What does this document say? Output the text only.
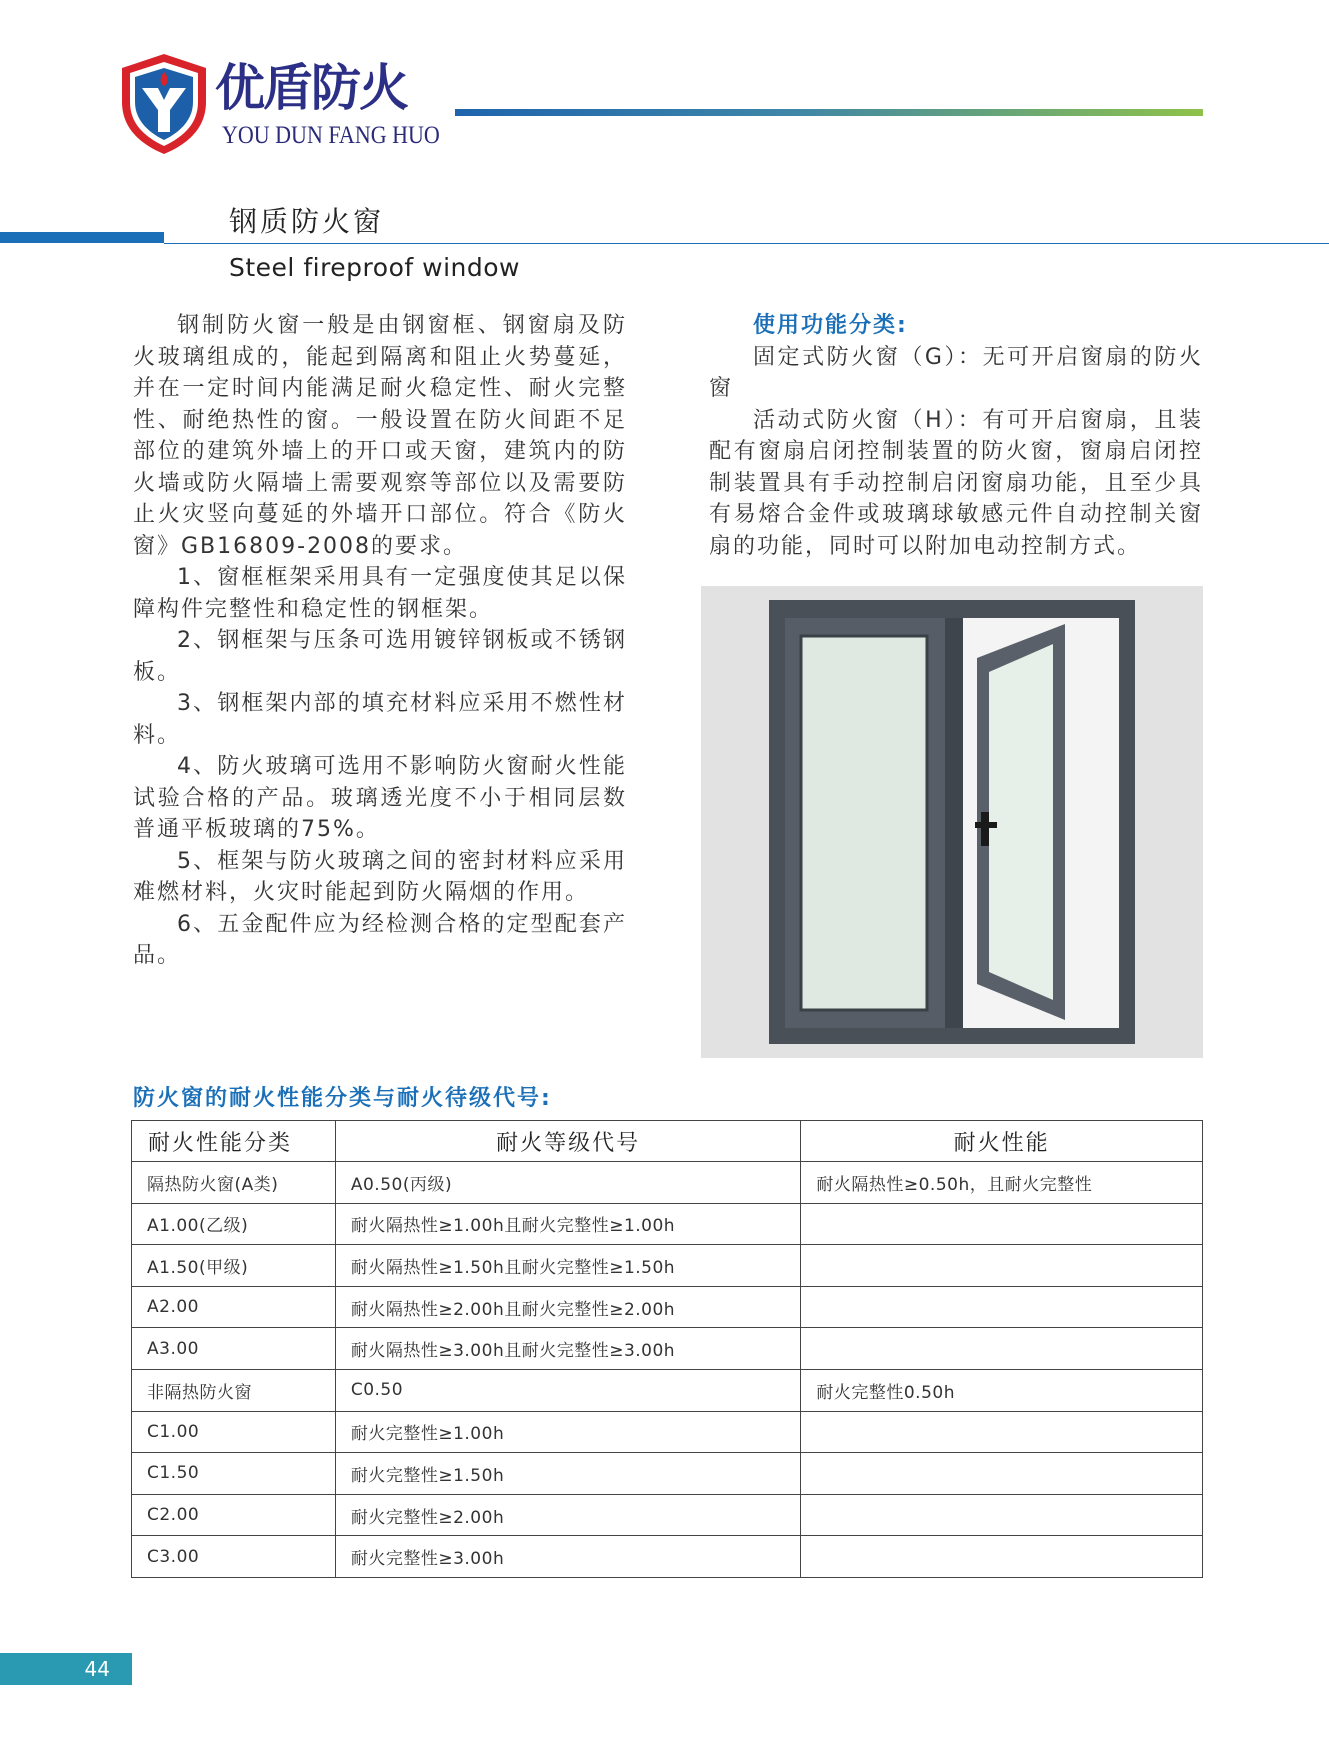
优盾防火
YOU DUN FANG HUO
钢质防火窗
Steel fireproof window

钢制防火窗一般是由钢窗框、钢窗扇及防火玻璃组成的，能起到隔离和阻止火势蔓延，并在一定时间内能满足耐火稳定性、耐火完整性、耐绝热性的窗。一般设置在防火间距不足部位的建筑外墙上的开口或天窗，建筑内的防火墙或防火隔墙上需要观察等部位以及需要防止火灾竖向蔓延的外墙开口部位。符合《防火窗》GB16809-2008的要求。

1、窗框框架采用具有一定强度使其足以保障构件完整性和稳定性的钢框架。

2、钢框架与压条可选用镀锌钢板或不锈钢板。

3、钢框架内部的填充材料应采用不燃性材料。

4、防火玻璃可选用不影响防火窗耐火性能试验合格的产品。玻璃透光度不小于相同层数普通平板玻璃的75%。

5、框架与防火玻璃之间的密封材料应采用难燃材料，火灾时能起到防火隔烟的作用。

6、五金配件应为经检测合格的定型配套产品。

使用功能分类:

固定式防火窗（G）：无可开启窗扇的防火窗

活动式防火窗（H）：有可开启窗扇，且装配有窗扇启闭控制装置的防火窗，窗扇启闭控制装置具有手动控制启闭窗扇功能，且至少具有易熔合金件或玻璃球敏感元件自动控制关窗扇的功能，同时可以附加电动控制方式。

防火窗的耐火性能分类与耐火待级代号:
耐火性能分类	耐火等级代号	耐火性能
隔热防火窗(A类)	A0.50(丙级)	耐火隔热性≥0.50h，且耐火完整性
A1.00(乙级)	耐火隔热性≥1.00h且耐火完整性≥1.00h	
A1.50(甲级)	耐火隔热性≥1.50h且耐火完整性≥1.50h	
A2.00	耐火隔热性≥2.00h且耐火完整性≥2.00h	
A3.00	耐火隔热性≥3.00h且耐火完整性≥3.00h	
非隔热防火窗	C0.50	耐火完整性0.50h
C1.00	耐火完整性≥1.00h	
C1.50	耐火完整性≥1.50h	
C2.00	耐火完整性≥2.00h	
C3.00	耐火完整性≥3.00h	
44
